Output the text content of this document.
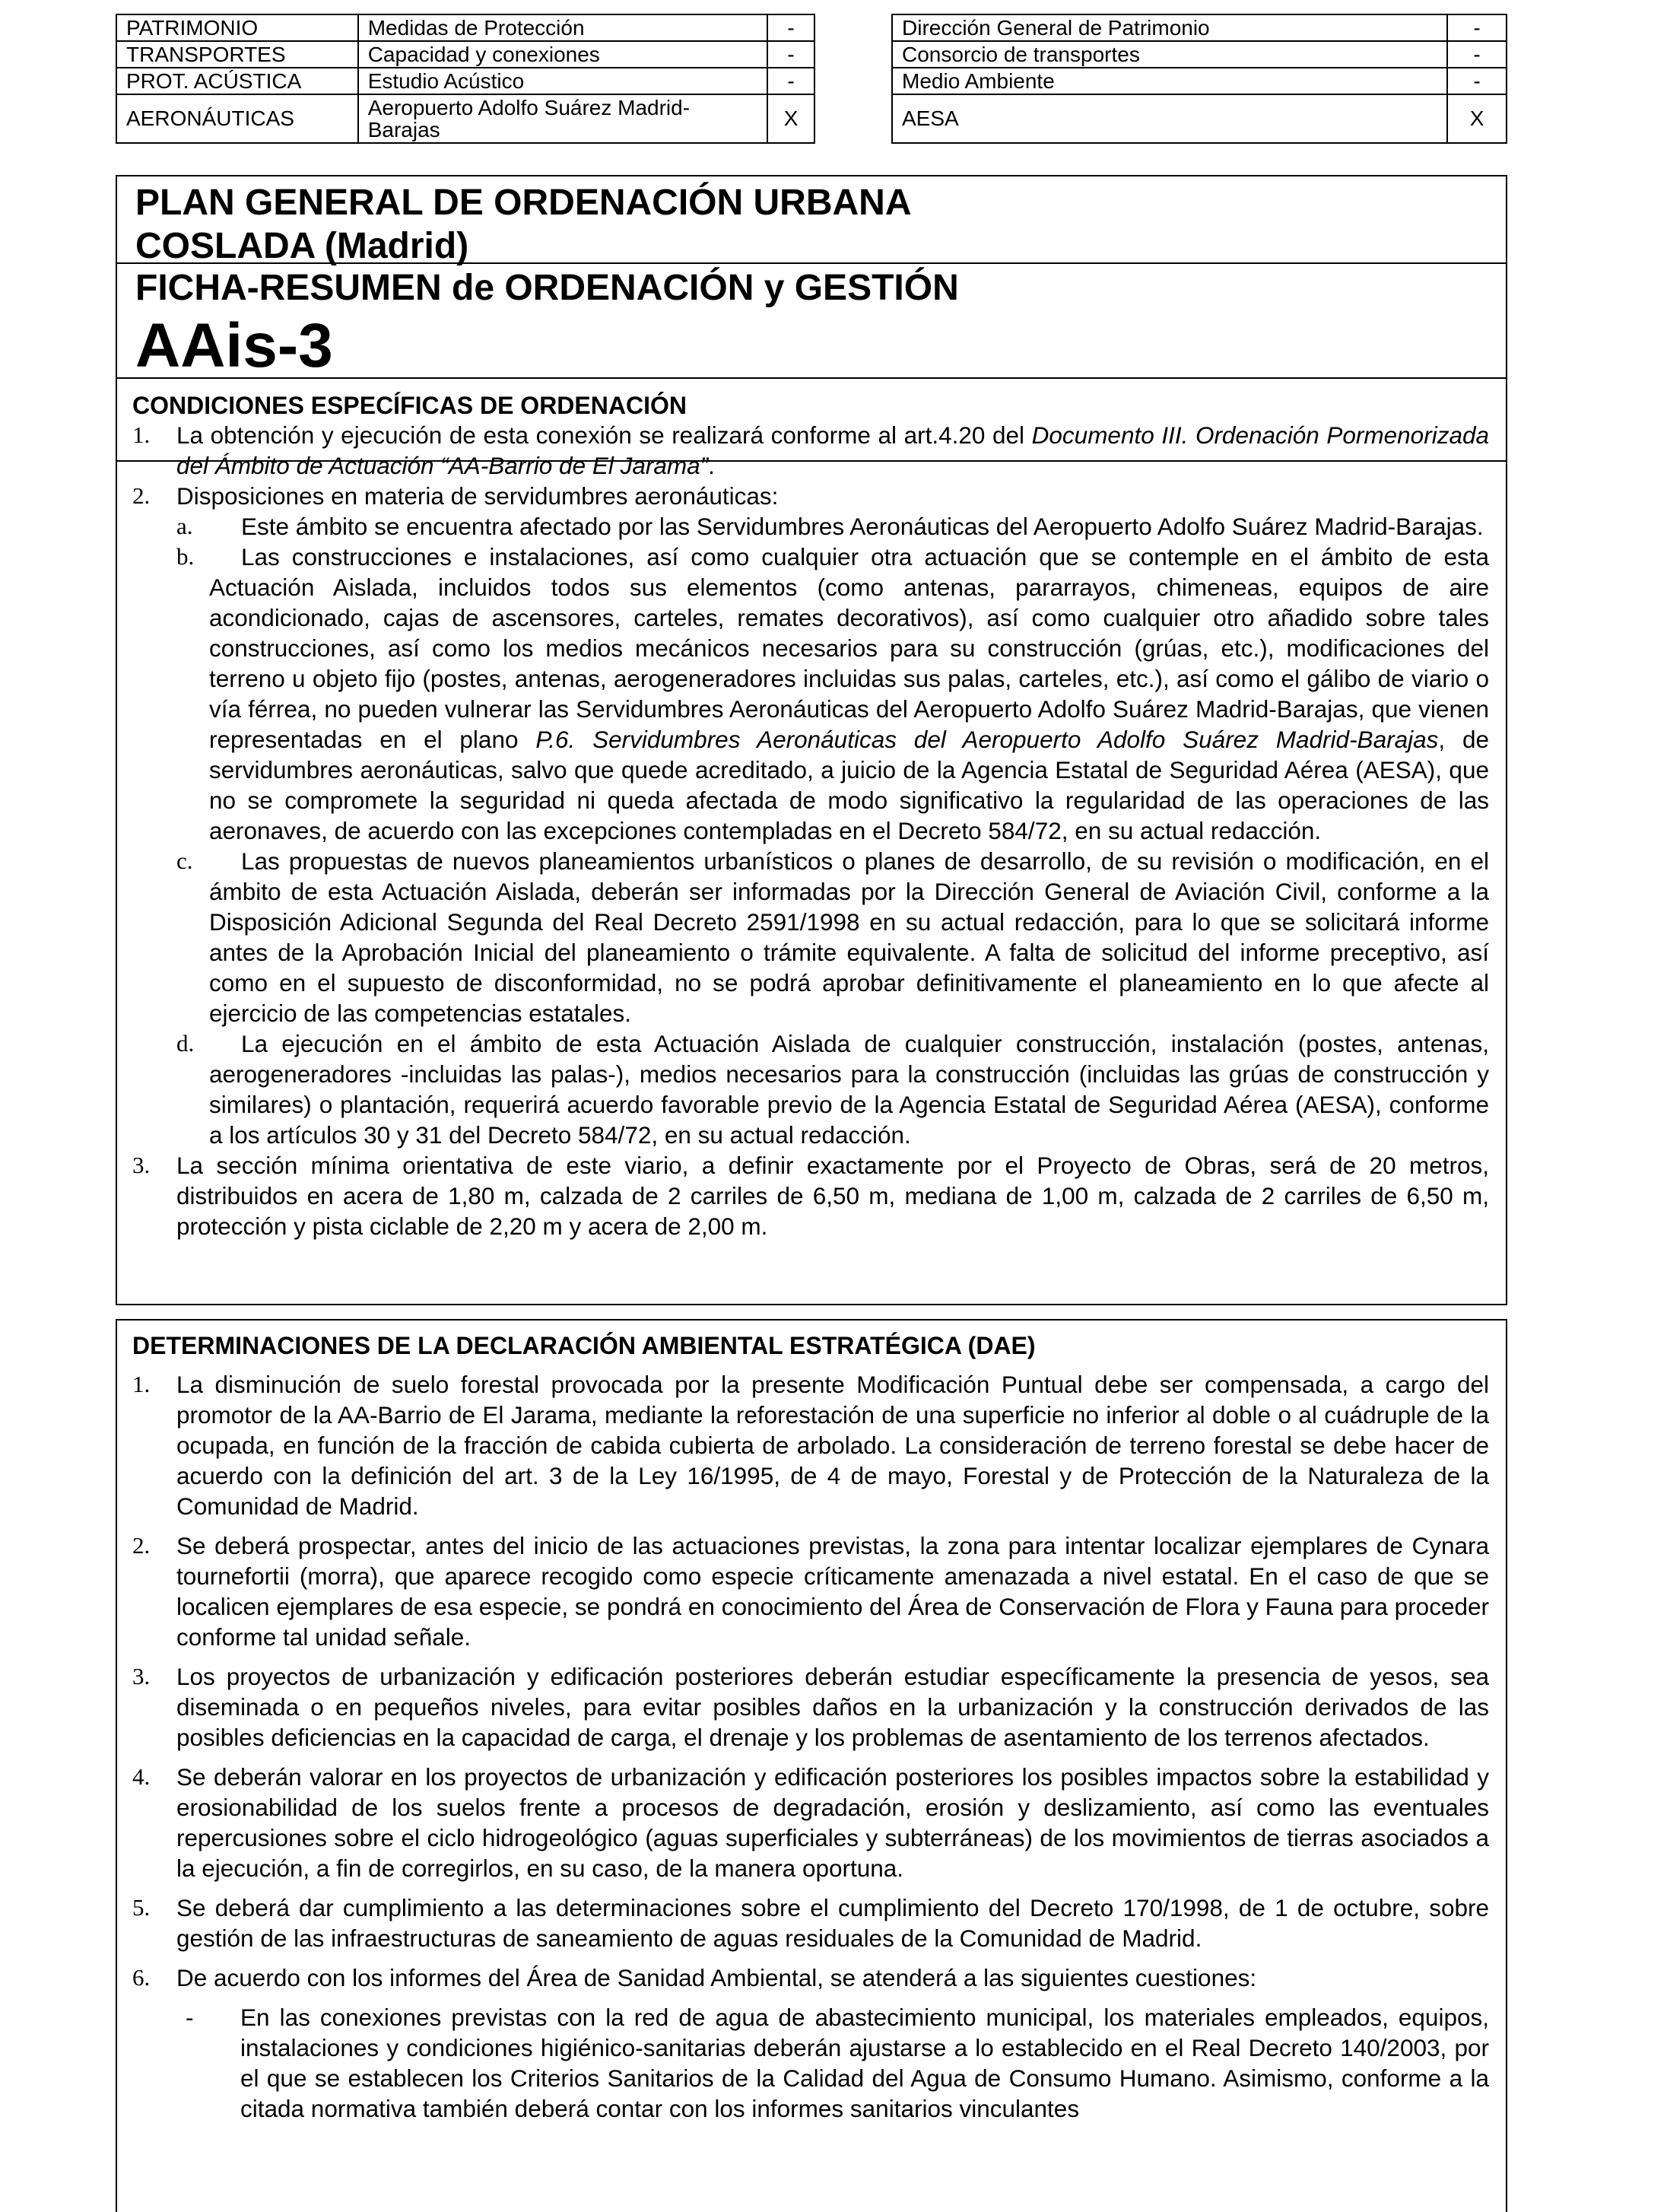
PATRIMONIO	Medidas de Protección	-
TRANSPORTES	Capacidad y conexiones	-
PROT. ACÚSTICA	Estudio Acústico	-
AERONÁUTICAS	Aeropuerto Adolfo Suárez Madrid-Barajas	X
Dirección General de Patrimonio	-
Consorcio de transportes	-
Medio Ambiente	-
AESA	X
PLAN GENERAL DE ORDENACIÓN URBANA
COSLADA (Madrid)
FICHA-RESUMEN de ORDENACIÓN y GESTIÓN
AAis-3
CONDICIONES ESPECÍFICAS DE ORDENACIÓN
1. La obtención y ejecución de esta conexión se realizará conforme al art.4.20 del Documento III. Ordenación Pormenorizada del Ámbito de Actuación “AA-Barrio de El Jarama”.
2. Disposiciones en materia de servidumbres aeronáuticas:
a. Este ámbito se encuentra afectado por las Servidumbres Aeronáuticas del Aeropuerto Adolfo Suárez Madrid-Barajas.
b. Las construcciones e instalaciones, así como cualquier otra actuación que se contemple en el ámbito de esta Actuación Aislada, incluidos todos sus elementos (como antenas, pararrayos, chimeneas, equipos de aire acondicionado, cajas de ascensores, carteles, remates decorativos), así como cualquier otro añadido sobre tales construcciones, así como los medios mecánicos necesarios para su construcción (grúas, etc.), modificaciones del terreno u objeto fijo (postes, antenas, aerogeneradores incluidas sus palas, carteles, etc.), así como el gálibo de viario o vía férrea, no pueden vulnerar las Servidumbres Aeronáuticas del Aeropuerto Adolfo Suárez Madrid-Barajas, que vienen representadas en el plano P.6. Servidumbres Aeronáuticas del Aeropuerto Adolfo Suárez Madrid-Barajas, de servidumbres aeronáuticas, salvo que quede acreditado, a juicio de la Agencia Estatal de Seguridad Aérea (AESA), que no se compromete la seguridad ni queda afectada de modo significativo la regularidad de las operaciones de las aeronaves, de acuerdo con las excepciones contempladas en el Decreto 584/72, en su actual redacción.
c. Las propuestas de nuevos planeamientos urbanísticos o planes de desarrollo, de su revisión o modificación, en el ámbito de esta Actuación Aislada, deberán ser informadas por la Dirección General de Aviación Civil, conforme a la Disposición Adicional Segunda del Real Decreto 2591/1998 en su actual redacción, para lo que se solicitará informe antes de la Aprobación Inicial del planeamiento o trámite equivalente. A falta de solicitud del informe preceptivo, así como en el supuesto de disconformidad, no se podrá aprobar definitivamente el planeamiento en lo que afecte al ejercicio de las competencias estatales.
d. La ejecución en el ámbito de esta Actuación Aislada de cualquier construcción, instalación (postes, antenas, aerogeneradores -incluidas las palas-), medios necesarios para la construcción (incluidas las grúas de construcción y similares) o plantación, requerirá acuerdo favorable previo de la Agencia Estatal de Seguridad Aérea (AESA), conforme a los artículos 30 y 31 del Decreto 584/72, en su actual redacción.
3. La sección mínima orientativa de este viario, a definir exactamente por el Proyecto de Obras, será de 20 metros, distribuidos en acera de 1,80 m, calzada de 2 carriles de 6,50 m, mediana de 1,00 m, calzada de 2 carriles de 6,50 m, protección y pista ciclable de 2,20 m y acera de 2,00 m.
DETERMINACIONES DE LA DECLARACIÓN AMBIENTAL ESTRATÉGICA (DAE)
1. La disminución de suelo forestal provocada por la presente Modificación Puntual debe ser compensada, a cargo del promotor de la AA-Barrio de El Jarama, mediante la reforestación de una superficie no inferior al doble o al cuádruple de la ocupada, en función de la fracción de cabida cubierta de arbolado. La consideración de terreno forestal se debe hacer de acuerdo con la definición del art. 3 de la Ley 16/1995, de 4 de mayo, Forestal y de Protección de la Naturaleza de la Comunidad de Madrid.
2. Se deberá prospectar, antes del inicio de las actuaciones previstas, la zona para intentar localizar ejemplares de Cynara tournefortii (morra), que aparece recogido como especie críticamente amenazada a nivel estatal. En el caso de que se localicen ejemplares de esa especie, se pondrá en conocimiento del Área de Conservación de Flora y Fauna para proceder conforme tal unidad señale.
3. Los proyectos de urbanización y edificación posteriores deberán estudiar específicamente la presencia de yesos, sea diseminada o en pequeños niveles, para evitar posibles daños en la urbanización y la construcción derivados de las posibles deficiencias en la capacidad de carga, el drenaje y los problemas de asentamiento de los terrenos afectados.
4. Se deberán valorar en los proyectos de urbanización y edificación posteriores los posibles impactos sobre la estabilidad y erosionabilidad de los suelos frente a procesos de degradación, erosión y deslizamiento, así como las eventuales repercusiones sobre el ciclo hidrogeológico (aguas superficiales y subterráneas) de los movimientos de tierras asociados a la ejecución, a fin de corregirlos, en su caso, de la manera oportuna.
5. Se deberá dar cumplimiento a las determinaciones sobre el cumplimiento del Decreto 170/1998, de 1 de octubre, sobre gestión de las infraestructuras de saneamiento de aguas residuales de la Comunidad de Madrid.
6. De acuerdo con los informes del Área de Sanidad Ambiental, se atenderá a las siguientes cuestiones:
- En las conexiones previstas con la red de agua de abastecimiento municipal, los materiales empleados, equipos, instalaciones y condiciones higiénico-sanitarias deberán ajustarse a lo establecido en el Real Decreto 140/2003, por el que se establecen los Criterios Sanitarios de la Calidad del Agua de Consumo Humano. Asimismo, conforme a la citada normativa también deberá contar con los informes sanitarios vinculantes
